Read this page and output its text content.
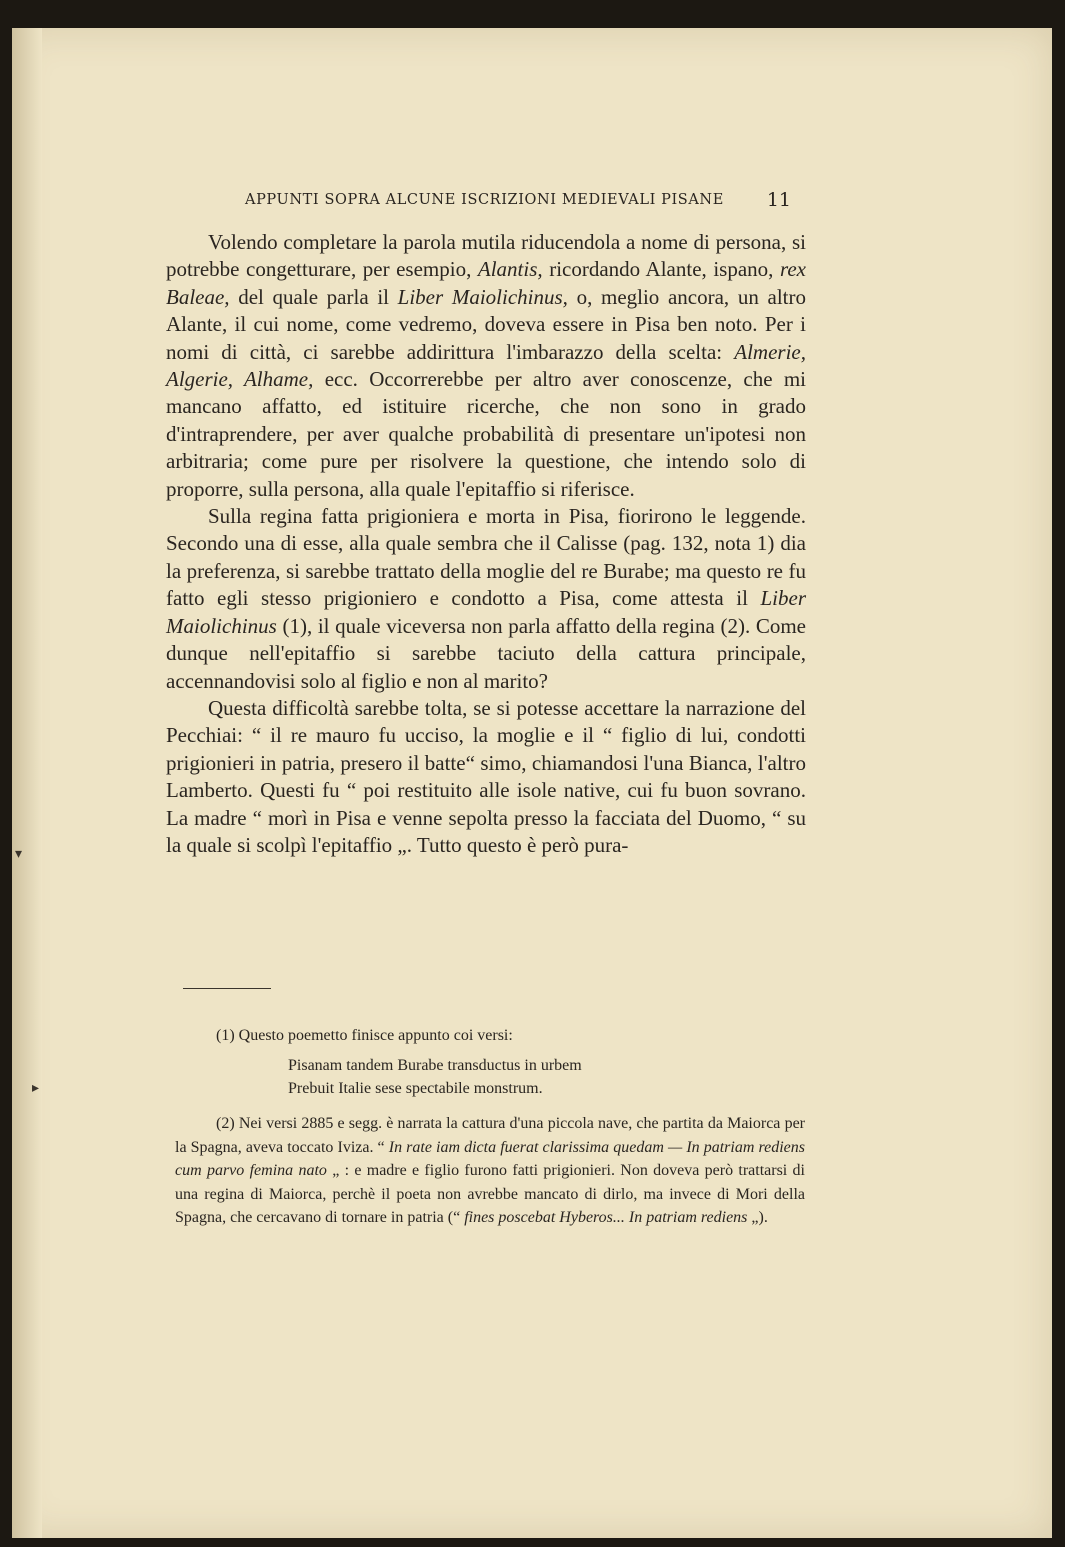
APPUNTI SOPRA ALCUNE ISCRIZIONI MEDIEVALI PISANE 11

Volendo completare la parola mutila riducendola a nome di persona, si potrebbe congetturare, per esempio, Alantis, ricordando Alante, ispano, rex Baleae, del quale parla il Liber Maiolichinus, o, meglio ancora, un altro Alante, il cui nome, come vedremo, doveva essere in Pisa ben noto. Per i nomi di città, ci sarebbe addirittura l'imbarazzo della scelta: Almerie, Algerie, Alhame, ecc. Occorrerebbe per altro aver conoscenze, che mi mancano affatto, ed istituire ricerche, che non sono in grado d'intraprendere, per aver qualche probabilità di presentare un'ipotesi non arbitraria; come pure per risolvere la questione, che intendo solo di proporre, sulla persona, alla quale l'epitaffio si riferisce.

Sulla regina fatta prigioniera e morta in Pisa, fiorirono le leggende. Secondo una di esse, alla quale sembra che il Calisse (pag. 132, nota 1) dia la preferenza, si sarebbe trattato della moglie del re Burabe; ma questo re fu fatto egli stesso prigioniero e condotto a Pisa, come attesta il Liber Maiolichinus (1), il quale viceversa non parla affatto della regina (2). Come dunque nell'epitaffio si sarebbe taciuto della cattura principale, accennandovisi solo al figlio e non al marito?

Questa difficoltà sarebbe tolta, se si potesse accettare la narrazione del Pecchiai: “ il re mauro fu ucciso, la moglie e il “ figlio di lui, condotti prigionieri in patria, presero il batte“ simo, chiamandosi l'una Bianca, l'altro Lamberto. Questi fu “ poi restituito alle isole native, cui fu buon sovrano. La madre “ morì in Pisa e venne sepolta presso la facciata del Duomo, “ su la quale si scolpì l'epitaffio „. Tutto questo è però pura-

(1) Questo poemetto finisce appunto coi versi:

Pisanam tandem Burabe transductus in urbem
Prebuit Italie sese spectabile monstrum.

(2) Nei versi 2885 e segg. è narrata la cattura d'una piccola nave, che partita da Maiorca per la Spagna, aveva toccato Iviza. “ In rate iam dicta fuerat clarissima quedam — In patriam rediens cum parvo femina nato „ : e madre e figlio furono fatti prigionieri. Non doveva però trattarsi di una regina di Maiorca, perchè il poeta non avrebbe mancato di dirlo, ma invece di Mori della Spagna, che cercavano di tornare in patria (“ fines poscebat Hyberos... In patriam rediens „).

▾
▸
